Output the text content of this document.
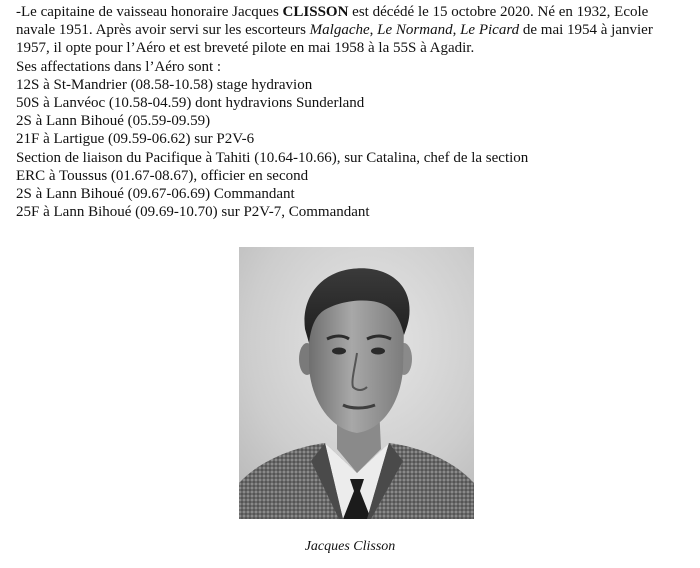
-Le capitaine de vaisseau honoraire Jacques CLISSON est décédé le 15 octobre 2020. Né en 1932, Ecole
navale 1951. Après avoir servi sur les escorteurs Malgache, Le Normand, Le Picard de mai 1954 à janvier
1957, il opte pour l’Aéro et est breveté pilote en mai 1958 à la 55S à Agadir.

Ses affectations dans l’Aéro sont :

12S à St-Mandrier (08.58-10.58) stage hydravion

50S à Lanvéoc (10.58-04.59) dont hydravions Sunderland

2S à Lann Bihoué (05.59-09.59)

21F à Lartigue (09.59-06.62) sur P2V-6

Section de liaison du Pacifique à Tahiti (10.64-10.66), sur Catalina, chef de la section

ERC à Toussus (01.67-08.67), officier en second

2S à Lann Bihoué (09.67-06.69) Commandant

25F à Lann Bihoué (09.69-10.70) sur P2V-7, Commandant

Jacques Clisson
